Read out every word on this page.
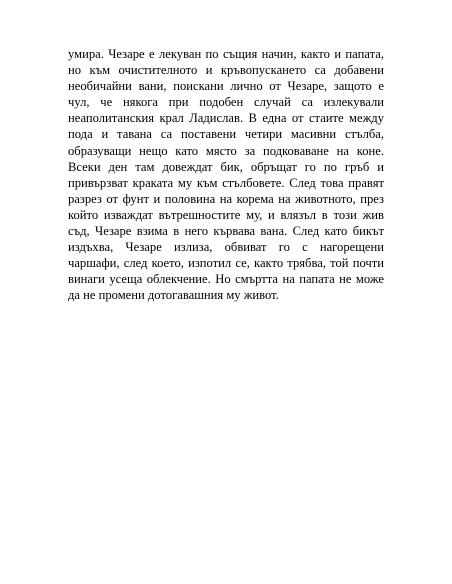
умира. Чезаре е лекуван по същия начин, както и папата,
но към очистителното и кръвопускането са добавени
необичайни вани, поискани лично от Чезаре, защото е
чул, че някога при подобен случай са излекували
неаполитанския крал Ладислав. В една от стаите между
пода и тавана са поставени четири масивни стълба,
образуващи нещо като място за подковаване на коне.
Всеки ден там довеждат бик, обръщат го по гръб и
привързват краката му към стълбовете. След това правят
разрез от фунт и половина на корема на животното, през
който изваждат вътрешностите му, и влязъл в този жив
съд, Чезаре взима в него кървава вана. След като бикът
издъхва, Чезаре излиза, обвиват го с нагорещени
чаршафи, след което, изпотил се, както трябва, той почти
винаги усеща облекчение. Но смъртта на папата не може
да не промени дотогавашния му живот.
